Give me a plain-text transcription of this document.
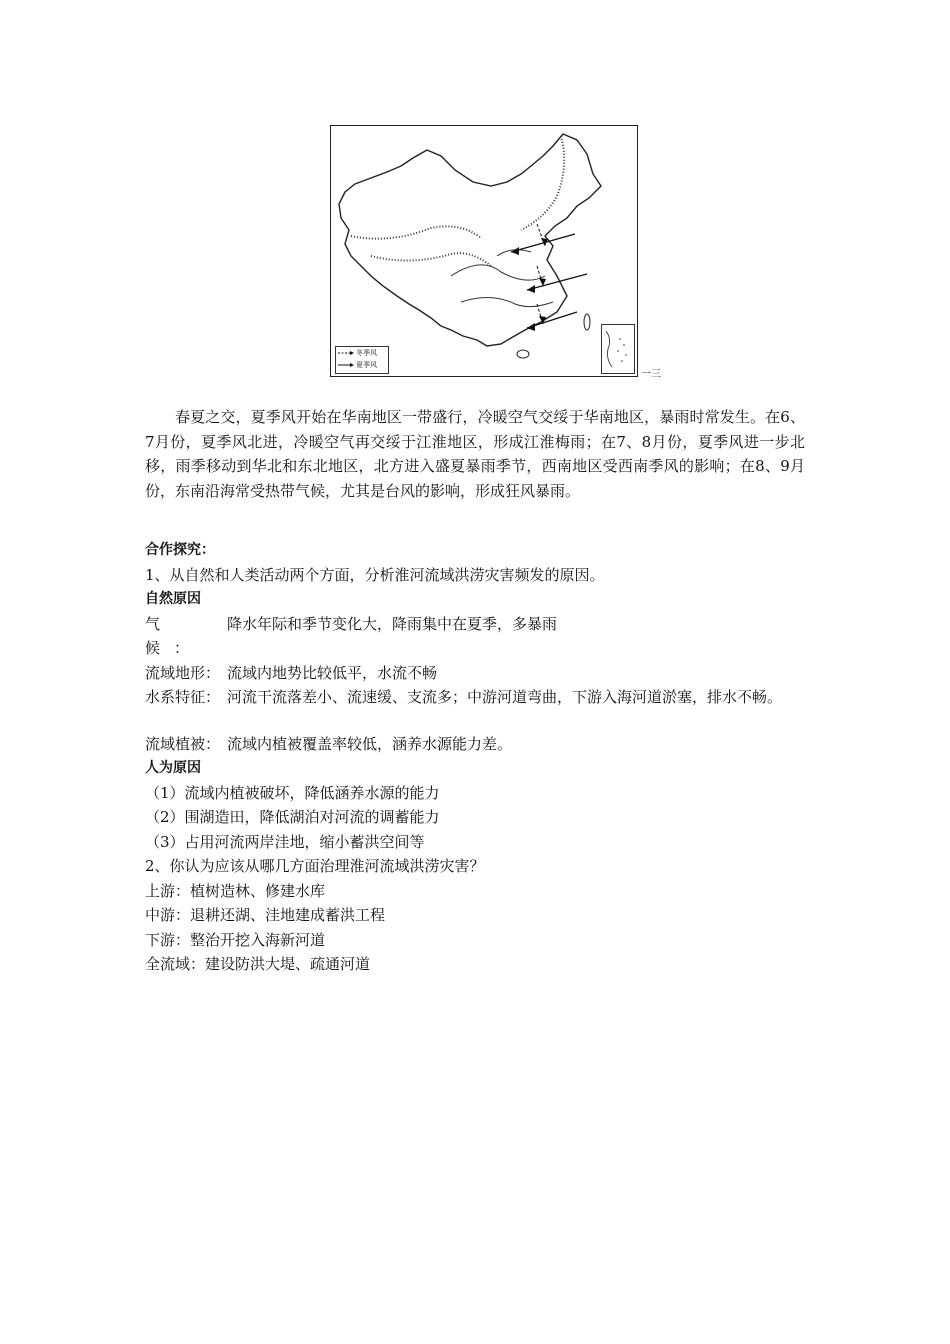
冬季风
夏季风
一三

春夏之交，夏季风开始在华南地区一带盛行，冷暖空气交绥于华南地区，暴雨时常发生。在6、7月份，夏季风北进，冷暖空气再交绥于江淮地区，形成江淮梅雨；在7、8月份，夏季风进一步北移，雨季移动到华北和东北地区，北方进入盛夏暴雨季节，西南地区受西南季风的影响；在8、9月份，东南沿海常受热带气候，尤其是台风的影响，形成狂风暴雨。

合作探究：
1、从自然和人类活动两个方面，分析淮河流域洪涝灾害频发的原因。
自然原因
气候：
降水年际和季节变化大，降雨集中在夏季，多暴雨
流域地形： 流域内地势比较低平，水流不畅
水系特征： 河流干流落差小、流速缓、支流多；中游河道弯曲，下游入海河道淤塞，排水不畅。
流域植被： 流域内植被覆盖率较低，涵养水源能力差。
人为原因
（1）流域内植被破坏，降低涵养水源的能力
（2）围湖造田，降低湖泊对河流的调蓄能力
（3）占用河流两岸洼地，缩小蓄洪空间等
2、你认为应该从哪几方面治理淮河流域洪涝灾害？
上游：植树造林、修建水库
中游：退耕还湖、洼地建成蓄洪工程
下游：整治开挖入海新河道
全流域：建设防洪大堤、疏通河道
